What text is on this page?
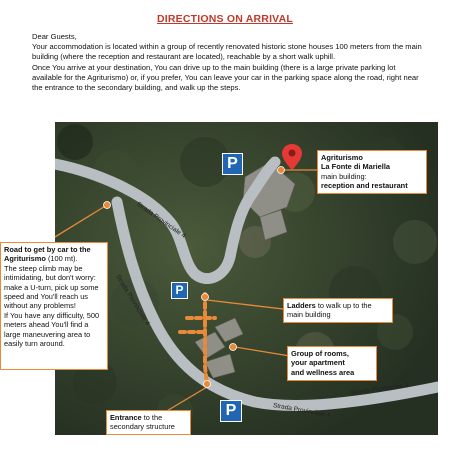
DIRECTIONS ON ARRIVAL

Dear Guests,

Your accommodation is located within a group of recently renovated historic stone houses 100 meters from the main building (where the reception and restaurant are located), reachable by a short walk uphill.

Once You arrive at your destination, You can drive up to the main building (there is a large private parking lot available for the Agriturismo) or, if you prefer, You can leave your car in the parking space along the road, right near the entrance to the secondary building, and walk up the steps.

Strada Provinciale 4
Strada Provinciale 4
Strada Provinciale 4
Strada Provinciale 4
P
P
P
Agriturismo
La Fonte di Mariella
main building:
reception and restaurant
Road to get by car to the Agriturismo (100 mt).
The steep climb may be intimidating, but don't worry: make a U-turn, pick up some speed and You'll reach us without any problems!
If You have any difficulty, 500 meters ahead You'll find a large maneuvering area to easily turn around.
Ladders to walk up to the main building
Group of rooms,
your apartment
and wellness area
Entrance to the
secondary structure
